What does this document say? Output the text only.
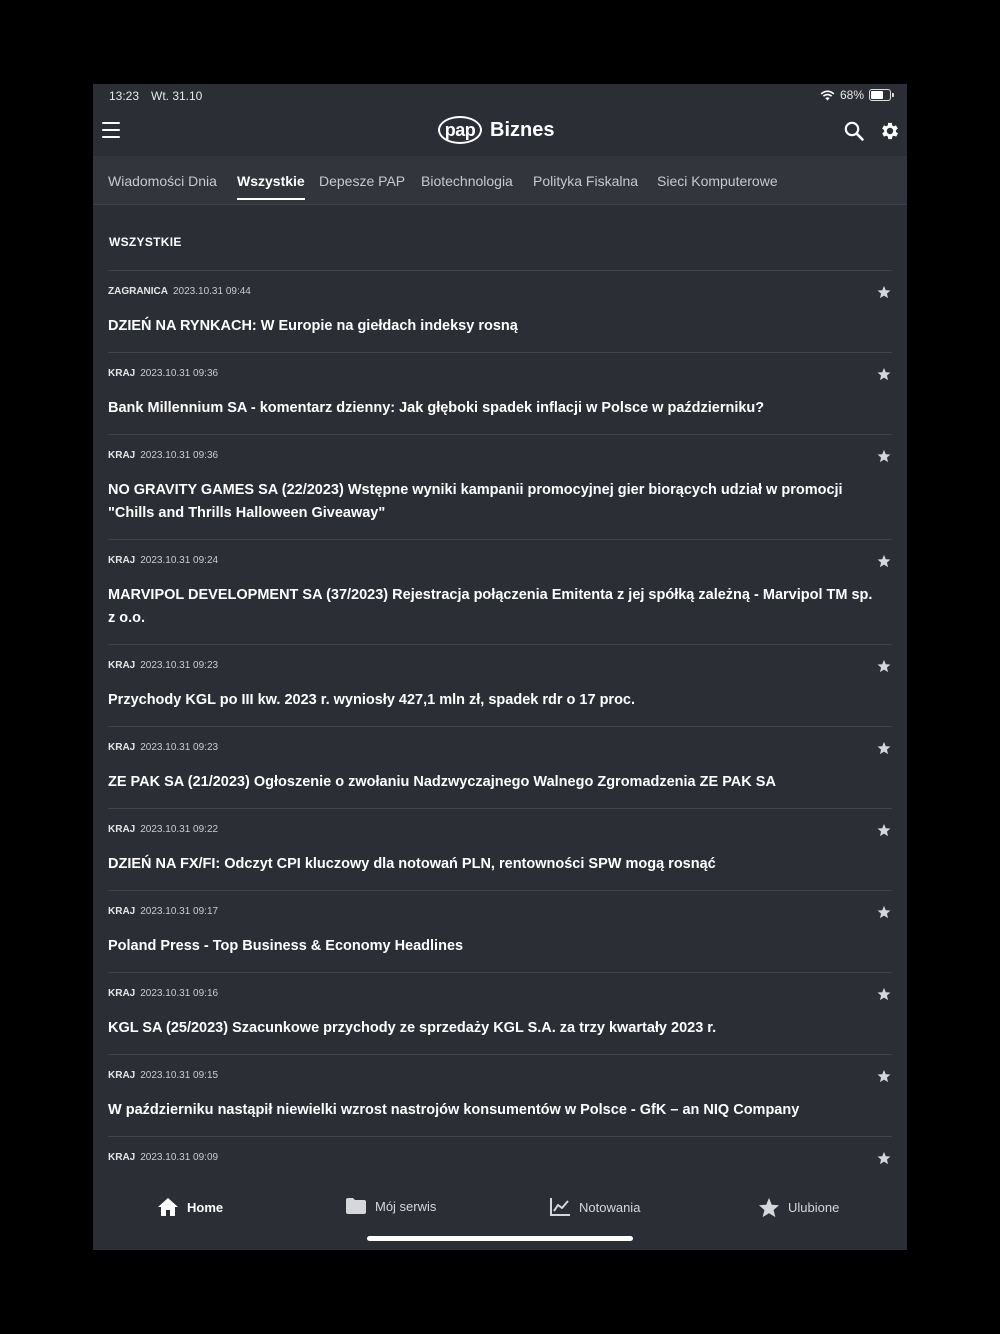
13:23 Wt. 31.10	68%
pap Biznes
Wiadomości Dnia Wszystkie Depesze PAP Biotechnologia Polityka Fiskalna Sieci Komputerowe
WSZYSTKIE
ZAGRANICA 2023.10.31 09:44
DZIEŃ NA RYNKACH: W Europie na giełdach indeksy rosną
KRAJ 2023.10.31 09:36
Bank Millennium SA - komentarz dzienny: Jak głęboki spadek inflacji w Polsce w październiku?
KRAJ 2023.10.31 09:36
NO GRAVITY GAMES SA (22/2023) Wstępne wyniki kampanii promocyjnej gier biorących udział w promocji "Chills and Thrills Halloween Giveaway"
KRAJ 2023.10.31 09:24
MARVIPOL DEVELOPMENT SA (37/2023) Rejestracja połączenia Emitenta z jej spółką zależną - Marvipol TM sp. z o.o.
KRAJ 2023.10.31 09:23
Przychody KGL po III kw. 2023 r. wyniosły 427,1 mln zł, spadek rdr o 17 proc.
KRAJ 2023.10.31 09:23
ZE PAK SA (21/2023) Ogłoszenie o zwołaniu Nadzwyczajnego Walnego Zgromadzenia ZE PAK SA
KRAJ 2023.10.31 09:22
DZIEŃ NA FX/FI: Odczyt CPI kluczowy dla notowań PLN, rentowności SPW mogą rosnąć
KRAJ 2023.10.31 09:17
Poland Press - Top Business & Economy Headlines
KRAJ 2023.10.31 09:16
KGL SA (25/2023) Szacunkowe przychody ze sprzedaży KGL S.A. za trzy kwartały 2023 r.
KRAJ 2023.10.31 09:15
W październiku nastąpił niewielki wzrost nastrojów konsumentów w Polsce - GfK – an NIQ Company
KRAJ 2023.10.31 09:09
Home	Mój serwis	Notowania	Ulubione
